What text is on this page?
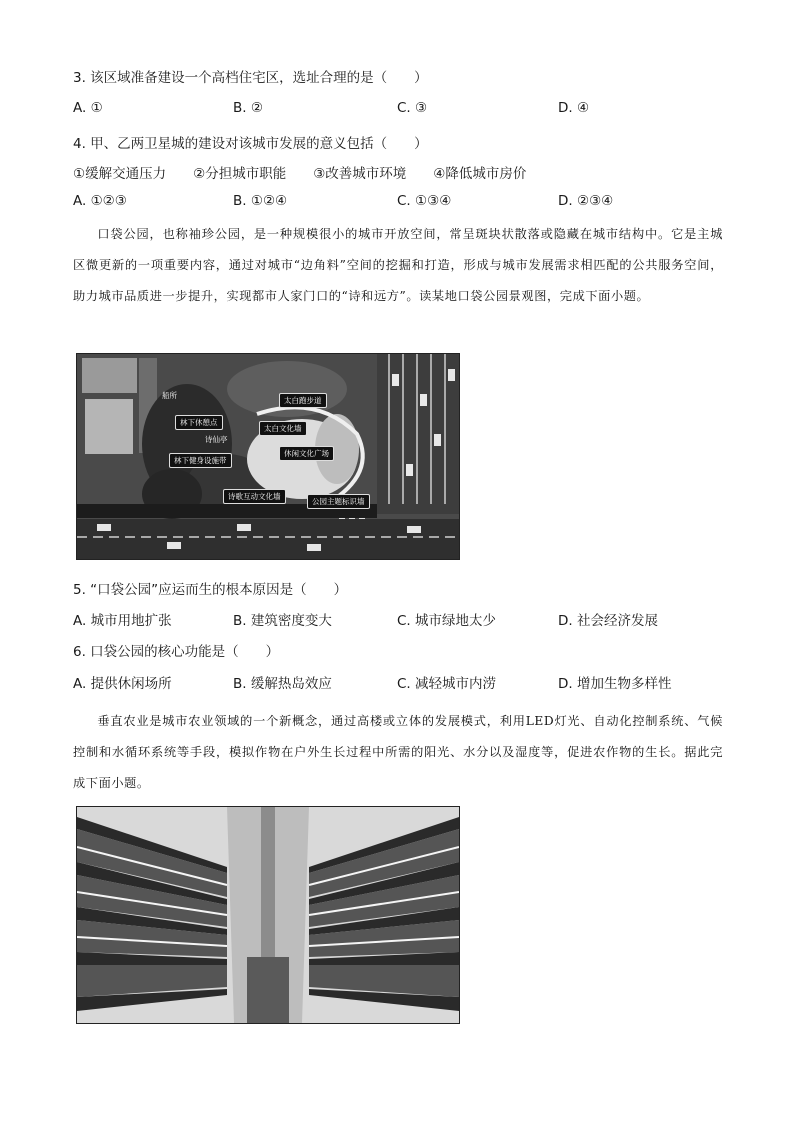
3. 该区域准备建设一个高档住宅区，选址合理的是（　　）
A. ①	B. ②	C. ③	D. ④
4. 甲、乙两卫星城的建设对该城市发展的意义包括（　　）
①缓解交通压力　　②分担城市职能　　③改善城市环境　　④降低城市房价
A. ①②③	B. ①②④	C. ①③④	D. ②③④
口袋公园，也称袖珍公园，是一种规模很小的城市开放空间，常呈斑块状散落或隐藏在城市结构中。它是主城区微更新的一项重要内容，通过对城市“边角料”空间的挖掘和打造，形成与城市发展需求相匹配的公共服务空间，助力城市品质进一步提升，实现都市人家门口的“诗和远方”。读某地口袋公园景观图，完成下面小题。
船所
林下休憩点
诗仙亭
林下健身设施带
太白跑步道
太白文化墙
休闲文化广场
诗歌互动文化墙
公园主题标识墙
5. “口袋公园”应运而生的根本原因是（　　）
A. 城市用地扩张	B. 建筑密度变大	C. 城市绿地太少	D. 社会经济发展
6. 口袋公园的核心功能是（　　）
A. 提供休闲场所	B. 缓解热岛效应	C. 减轻城市内涝	D. 增加生物多样性
垂直农业是城市农业领域的一个新概念，通过高楼或立体的发展模式，利用LED灯光、自动化控制系统、气候控制和水循环系统等手段，模拟作物在户外生长过程中所需的阳光、水分以及湿度等，促进农作物的生长。据此完成下面小题。
